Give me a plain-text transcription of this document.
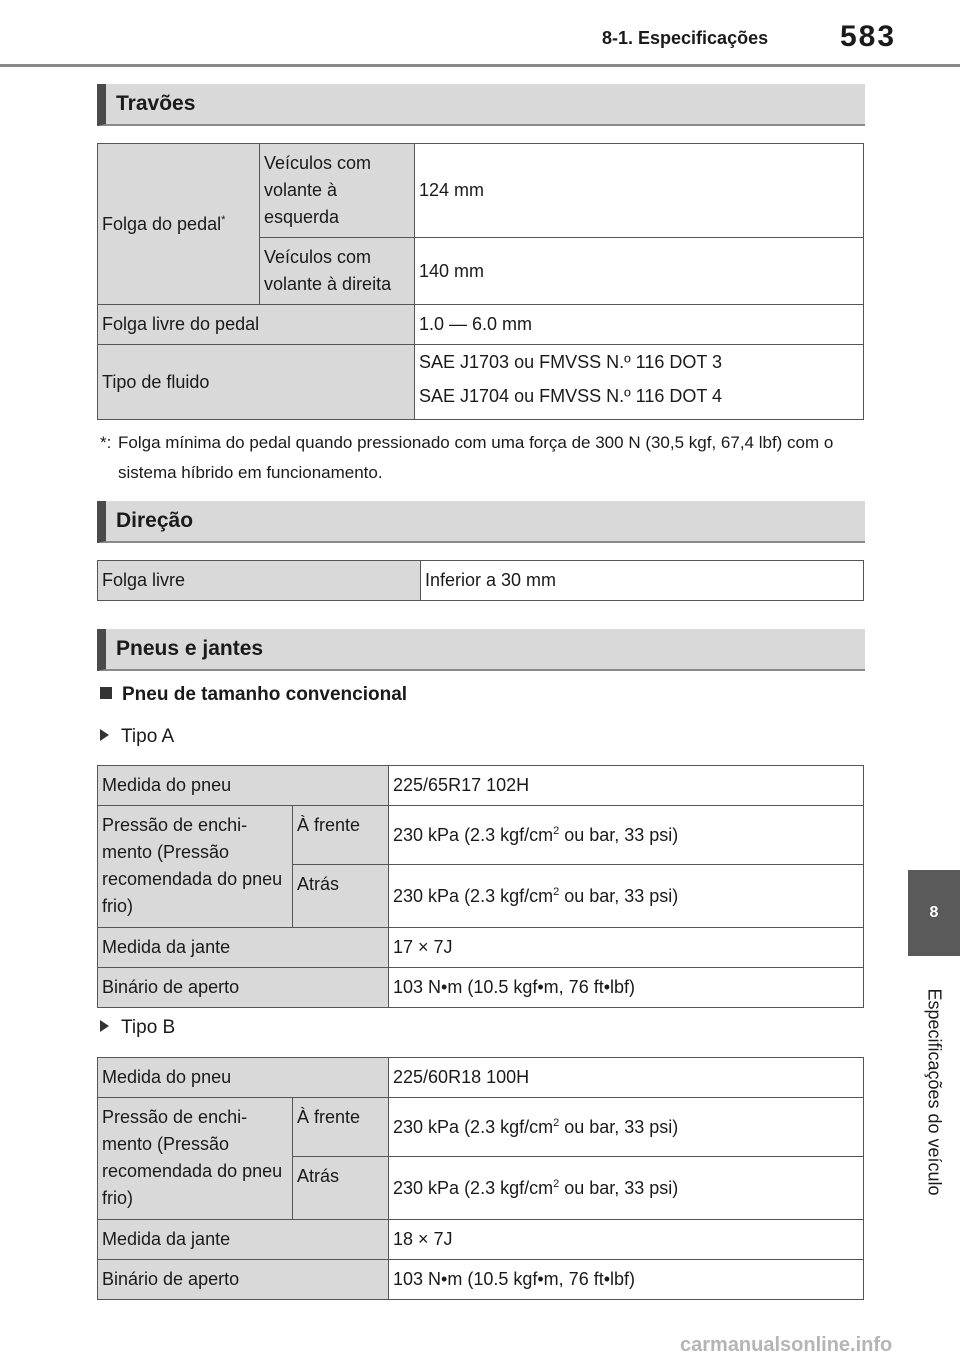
8-1. Especificações 583
8
Especificações do veículo
Travões
Folga do pedal*	Veículos com volante à esquerda	124 mm
	Veículos com volante à direita	140 mm
Folga livre do pedal		1.0 — 6.0 mm
Tipo de fluido		SAE J1703 ou FMVSS N.º 116 DOT 3
SAE J1704 ou FMVSS N.º 116 DOT 4
*: Folga mínima do pedal quando pressionado com uma força de 300 N (30,5 kgf, 67,4 lbf) com o sistema híbrido em funcionamento.
Direção
Folga livre	Inferior a 30 mm
Pneus e jantes
Pneu de tamanho convencional
Tipo A
Medida do pneu		225/65R17 102H
Pressão de enchi-mento (Pressão recomendada do pneu frio)	À frente	230 kPa (2.3 kgf/$cm^2$ ou bar, 33 psi)
	Atrás	230 kPa (2.3 kgf/$cm^2$ ou bar, 33 psi)
Medida da jante		17 × 7J
Binário de aperto		103 N•m (10.5 kgf•m, 76 ft•lbf)
Tipo B
Medida do pneu		225/60R18 100H
Pressão de enchi-mento (Pressão recomendada do pneu frio)	À frente	230 kPa (2.3 kgf/$cm^2$ ou bar, 33 psi)
	Atrás	230 kPa (2.3 kgf/$cm^2$ ou bar, 33 psi)
Medida da jante		18 × 7J
Binário de aperto		103 N•m (10.5 kgf•m, 76 ft•lbf)
carmanualsonline.info
